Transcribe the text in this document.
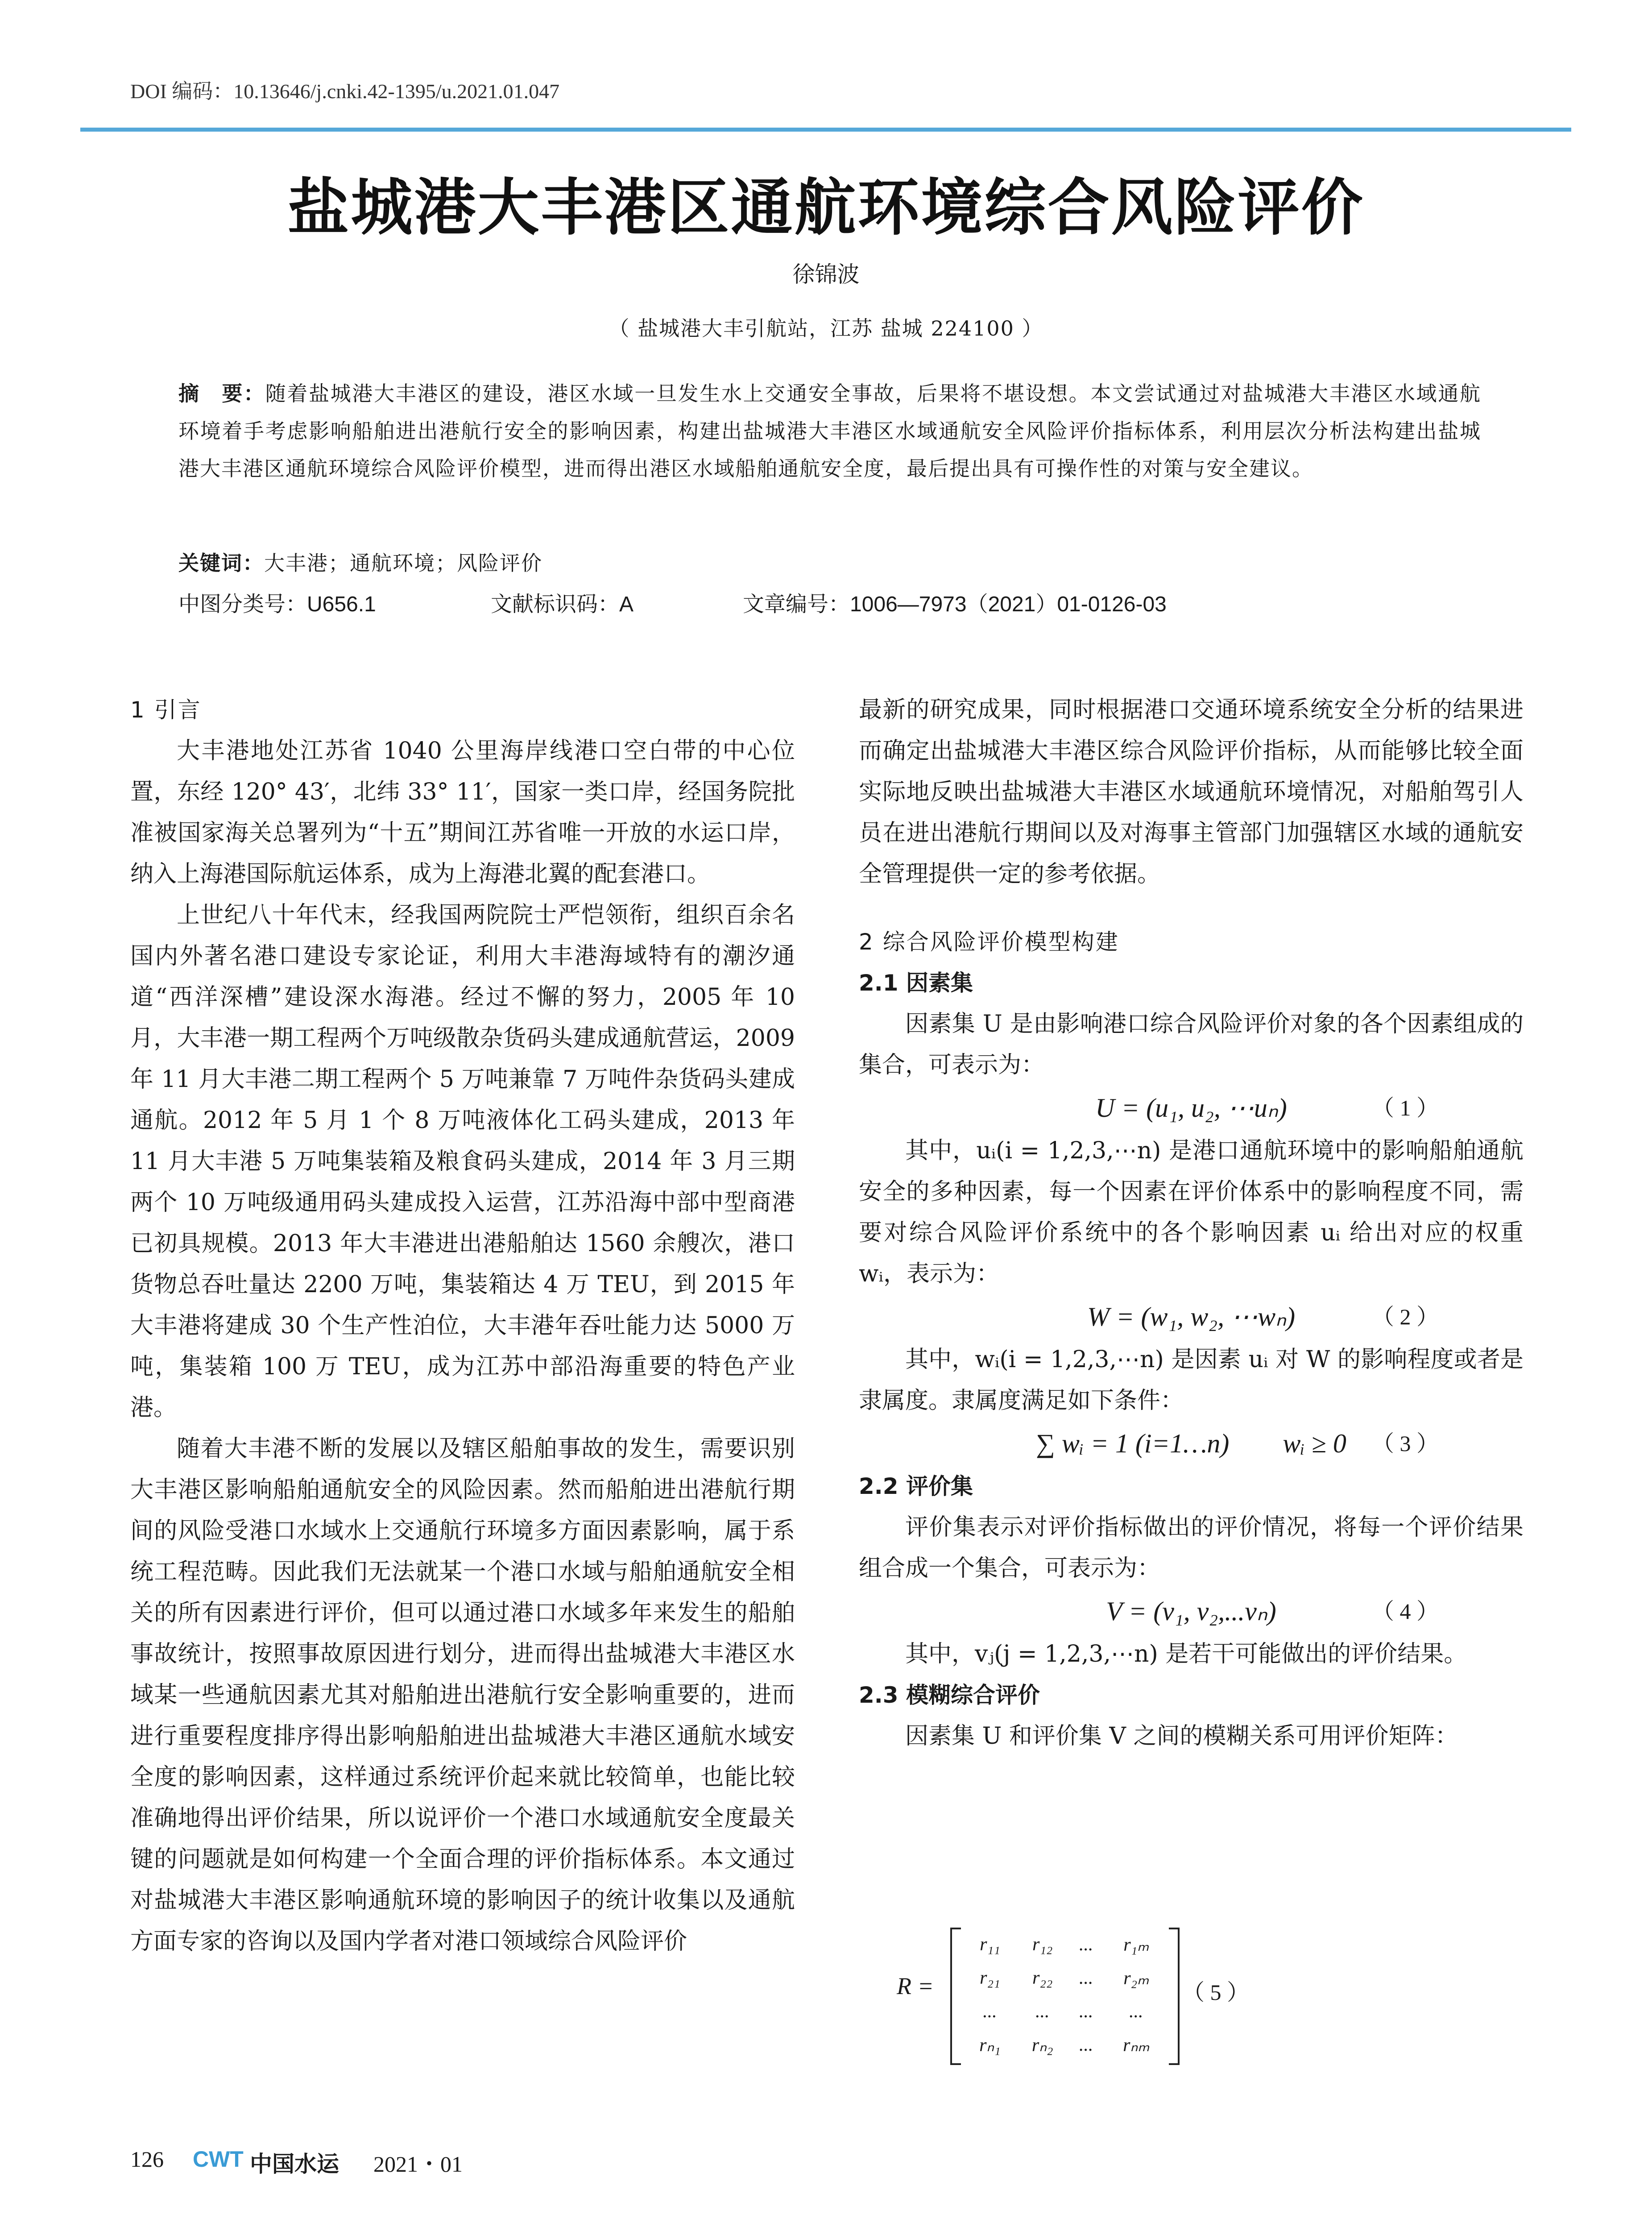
DOI 编码：10.13646/j.cnki.42-1395/u.2021.01.047
盐城港大丰港区通航环境综合风险评价
徐锦波
（ 盐城港大丰引航站，江苏 盐城 224100 ）
摘　要：随着盐城港大丰港区的建设，港区水域一旦发生水上交通安全事故，后果将不堪设想。本文尝试通过对盐城港大丰港区水域通航环境着手考虑影响船舶进出港航行安全的影响因素，构建出盐城港大丰港区水域通航安全风险评价指标体系，利用层次分析法构建出盐城港大丰港区通航环境综合风险评价模型，进而得出港区水域船舶通航安全度，最后提出具有可操作性的对策与安全建议。
关键词：大丰港；通航环境；风险评价
中图分类号：U656.1	文献标识码：A	文章编号：1006—7973（2021）01-0126-03

1 引言

大丰港地处江苏省 1040 公里海岸线港口空白带的中心位置，东经 120° 43′，北纬 33° 11′，国家一类口岸，经国务院批准被国家海关总署列为“十五”期间江苏省唯一开放的水运口岸，纳入上海港国际航运体系，成为上海港北翼的配套港口。

上世纪八十年代末，经我国两院院士严恺领衔，组织百余名国内外著名港口建设专家论证，利用大丰港海域特有的潮汐通道“西洋深槽”建设深水海港。经过不懈的努力，2005 年 10 月，大丰港一期工程两个万吨级散杂货码头建成通航营运，2009 年 11 月大丰港二期工程两个 5 万吨兼靠 7 万吨件杂货码头建成通航。2012 年 5 月 1 个 8 万吨液体化工码头建成，2013 年 11 月大丰港 5 万吨集装箱及粮食码头建成，2014 年 3 月三期两个 10 万吨级通用码头建成投入运营，江苏沿海中部中型商港已初具规模。2013 年大丰港进出港船舶达 1560 余艘次，港口货物总吞吐量达 2200 万吨，集装箱达 4 万 TEU，到 2015 年大丰港将建成 30 个生产性泊位，大丰港年吞吐能力达 5000 万吨，集装箱 100 万 TEU，成为江苏中部沿海重要的特色产业港。

随着大丰港不断的发展以及辖区船舶事故的发生，需要识别大丰港区影响船舶通航安全的风险因素。然而船舶进出港航行期间的风险受港口水域水上交通航行环境多方面因素影响，属于系统工程范畴。因此我们无法就某一个港口水域与船舶通航安全相关的所有因素进行评价，但可以通过港口水域多年来发生的船舶事故统计，按照事故原因进行划分，进而得出盐城港大丰港区水域某一些通航因素尤其对船舶进出港航行安全影响重要的，进而进行重要程度排序得出影响船舶进出盐城港大丰港区通航水域安全度的影响因素，这样通过系统评价起来就比较简单，也能比较准确地得出评价结果，所以说评价一个港口水域通航安全度最关键的问题就是如何构建一个全面合理的评价指标体系。本文通过对盐城港大丰港区影响通航环境的影响因子的统计收集以及通航方面专家的咨询以及国内学者对港口领域综合风险评价

最新的研究成果，同时根据港口交通环境系统安全分析的结果进而确定出盐城港大丰港区综合风险评价指标，从而能够比较全面实际地反映出盐城港大丰港区水域通航环境情况，对船舶驾引人员在进出港航行期间以及对海事主管部门加强辖区水域的通航安全管理提供一定的参考依据。

2 综合风险评价模型构建

2.1 因素集

因素集 U 是由影响港口综合风险评价对象的各个因素组成的集合，可表示为：

U = (u₁, u₂, ⋯uₙ)	（ 1 ）

其中，uᵢ(i = 1,2,3,⋯n) 是港口通航环境中的影响船舶通航安全的多种因素，每一个因素在评价体系中的影响程度不同，需要对综合风险评价系统中的各个影响因素 uᵢ 给出对应的权重 wᵢ，表示为：

W = (w₁, w₂, ⋯wₙ)	（ 2 ）

其中，wᵢ(i = 1,2,3,⋯n) 是因素 uᵢ 对 W 的影响程度或者是隶属度。隶属度满足如下条件：

∑ wᵢ = 1 (i=1…n)　　wᵢ ≥ 0 （ 3 ）

2.2 评价集

评价集表示对评价指标做出的评价情况，将每一个评价结果组合成一个集合，可表示为：

V = (v₁, v₂,...vₙ)	（ 4 ）

其中，vⱼ(j = 1,2,3,⋯n) 是若干可能做出的评价结果。

2.3 模糊综合评价

因素集 U 和评价集 V 之间的模糊关系可用评价矩阵：

R =
r₁₁	r₁₂	...	r₁ₘ
r₂₁	r₂₂	...	r₂ₘ
...	...	...	...
rₙ₁	rₙ₂	...	rₙₘ
（ 5 ）
126 CWT 中国水运 2021・01
